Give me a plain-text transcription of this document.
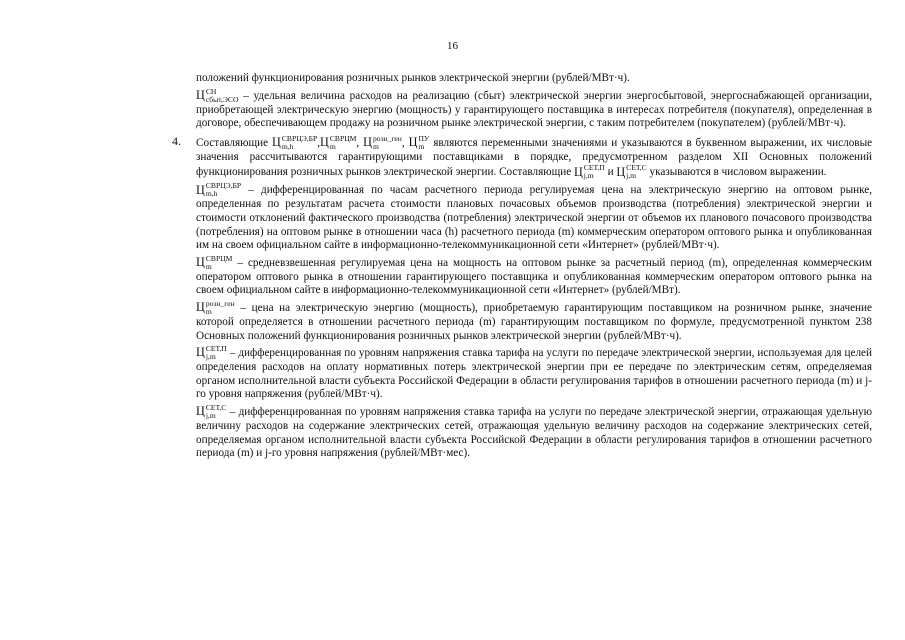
16

положений функционирования розничных рынков электрической энергии (рублей/МВт·ч).

Ц СН
сбыт,ЭСО – удельная величина расходов на реализацию (сбыт) электрической энергии энергосбытовой, энергоснабжающей организации, приобретающей электрическую энергию (мощность) у гарантирующего поставщика в интересах потребителя (покупателя), определенная в договоре, обеспечивающем продажу на розничном рынке электрической энергии, с таким потребителем (покупателем) (рублей/МВт·ч).

4. Составляющие Ц СВРЦЭ,БР
m,h	, Ц СВРЦМ
m	, Ц розн_ген
m	, Ц ПУ
m являются переменными значениями и указываются в буквенном выражении, их числовые значения рассчитываются гарантирующими поставщиками в порядке, предусмотренном разделом XII Основных положений функционирования розничных рынков электрической энергии. Составляющие Ц СЕТ,П
j,m	и Ц СЕТ,С
j,m	указываются в числовом выражении.

Ц СВРЦЭ,БР
m,h	– дифференцированная по часам расчетного периода регулируемая цена на электрическую энергию на оптовом рынке, определенная по результатам расчета стоимости плановых почасовых объемов производства (потребления) электрической энергии и стоимости отклонений фактического производства (потребления) электрической энергии от объемов их планового почасового производства (потребления) на оптовом рынке в отношении часа (h) расчетного периода (m) коммерческим оператором оптового рынка и опубликованная им на своем официальном сайте в информационно-телекоммуникационной сети «Интернет» (рублей/МВт·ч).

Ц СВРЦМ
m	– средневзвешенная регулируемая цена на мощность на оптовом рынке за расчетный период (m), определенная коммерческим оператором оптового рынка в отношении гарантирующего поставщика и опубликованная коммерческим оператором оптового рынка на своем официальном сайте в информационно-телекоммуникационной сети «Интернет» (рублей/МВт).

Ц розн_ген
m	– цена на электрическую энергию (мощность), приобретаемую гарантирующим поставщиком на розничном рынке, значение которой определяется в отношении расчетного периода (m) гарантирующим поставщиком по формуле, предусмотренной пунктом 238 Основных положений функционирования розничных рынков электрической энергии (рублей/МВт·ч).

Ц СЕТ,П
j,m	– дифференцированная по уровням напряжения ставка тарифа на услуги по передаче электрической энергии, используемая для целей определения расходов на оплату нормативных потерь электрической энергии при ее передаче по электрическим сетям, определяемая органом исполнительной власти субъекта Российской Федерации в области регулирования тарифов в отношении расчетного периода (m) и j-го уровня напряжения (рублей/МВт·ч).

Ц СЕТ,С
j,m	– дифференцированная по уровням напряжения ставка тарифа на услуги по передаче электрической энергии, отражающая удельную величину расходов на содержание электрических сетей, отражающая удельную величину расходов на содержание электрических сетей, определяемая органом исполнительной власти субъекта Российской Федерации в области регулирования тарифов в отношении расчетного периода (m) и j-го уровня напряжения (рублей/МВт·мес).
